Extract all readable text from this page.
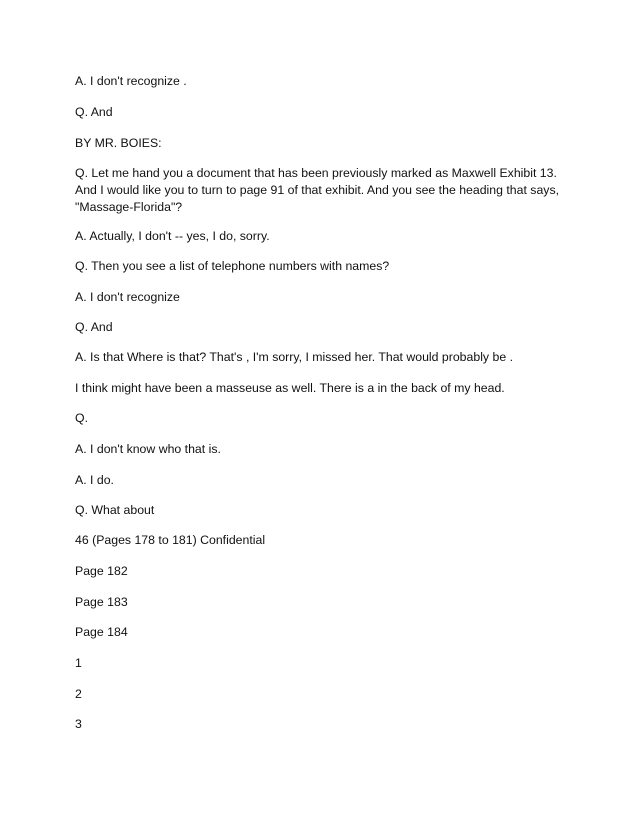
A. I don't recognize .

Q. And

BY MR. BOIES:

Q. Let me hand you a document that has been previously marked as Maxwell Exhibit 13. And I would like you to turn to page 91 of that exhibit. And you see the heading that says, "Massage-Florida"?

A. Actually, I don't -- yes, I do, sorry.

Q. Then you see a list of telephone numbers with names?

A. I don't recognize

Q. And

A. Is that Where is that? That's , I'm sorry, I missed her. That would probably be .

I think might have been a masseuse as well. There is a in the back of my head.

Q.

A. I don't know who that is.

A. I do.

Q. What about

46 (Pages 178 to 181) Confidential

Page 182

Page 183

Page 184

1

2

3
